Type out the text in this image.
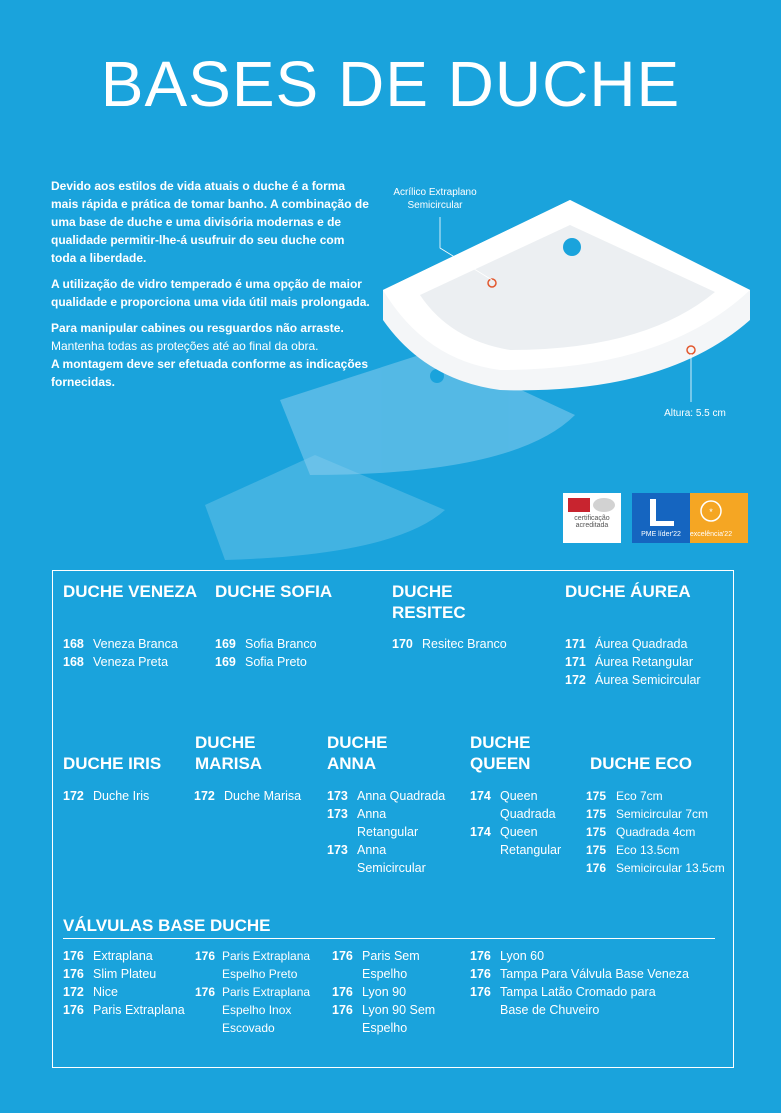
BASES DE DUCHE

Devido aos estilos de vida atuais o duche é a forma mais rápida e prática de tomar banho. A combinação de uma base de duche e uma divisória modernas e de qualidade permitir-lhe-á usufruir do seu duche com toda a liberdade.

A utilização de vidro temperado é uma opção de maior qualidade e proporciona uma vida útil mais prolongada.

Para manipular cabines ou resguardos não arraste.
Mantenha todas as proteções até ao final da obra.
A montagem deve ser efetuada conforme as indicações fornecidas.

Acrílico Extraplano Semicircular
Altura: 5.5 cm
certificação acreditada
PME líder'22
*
excelência'22
DUCHE VENEZA
168 Veneza Branca
168 Veneza Preta
DUCHE SOFIA
169 Sofia Branco
169 Sofia Preto
DUCHE RESITEC
170 Resitec Branco
DUCHE ÁUREA
171 Áurea Quadrada
171 Áurea Retangular
172 Áurea Semicircular
DUCHE IRIS
172 Duche Iris
DUCHE MARISA
172 Duche Marisa
DUCHE ANNA
173 Anna Quadrada
173 Anna Retangular
173 Anna Semicircular
DUCHE QUEEN
174 Queen Quadrada
174 Queen Retangular
DUCHE ECO
175 Eco 7cm
175 Semicircular 7cm
175 Quadrada 4cm
175 Eco 13.5cm
176 Semicircular 13.5cm
VÁLVULAS BASE DUCHE
176 Extraplana
176 Slim Plateu
172 Nice
176 Paris Extraplana
176 Paris Extraplana Espelho Preto
176 Paris Extraplana Espelho Inox Escovado
176 Paris Sem Espelho
176 Lyon 90
176 Lyon 90 Sem Espelho
176 Lyon 60
176 Tampa Para Válvula Base Veneza
176 Tampa Latão Cromado para Base de Chuveiro
